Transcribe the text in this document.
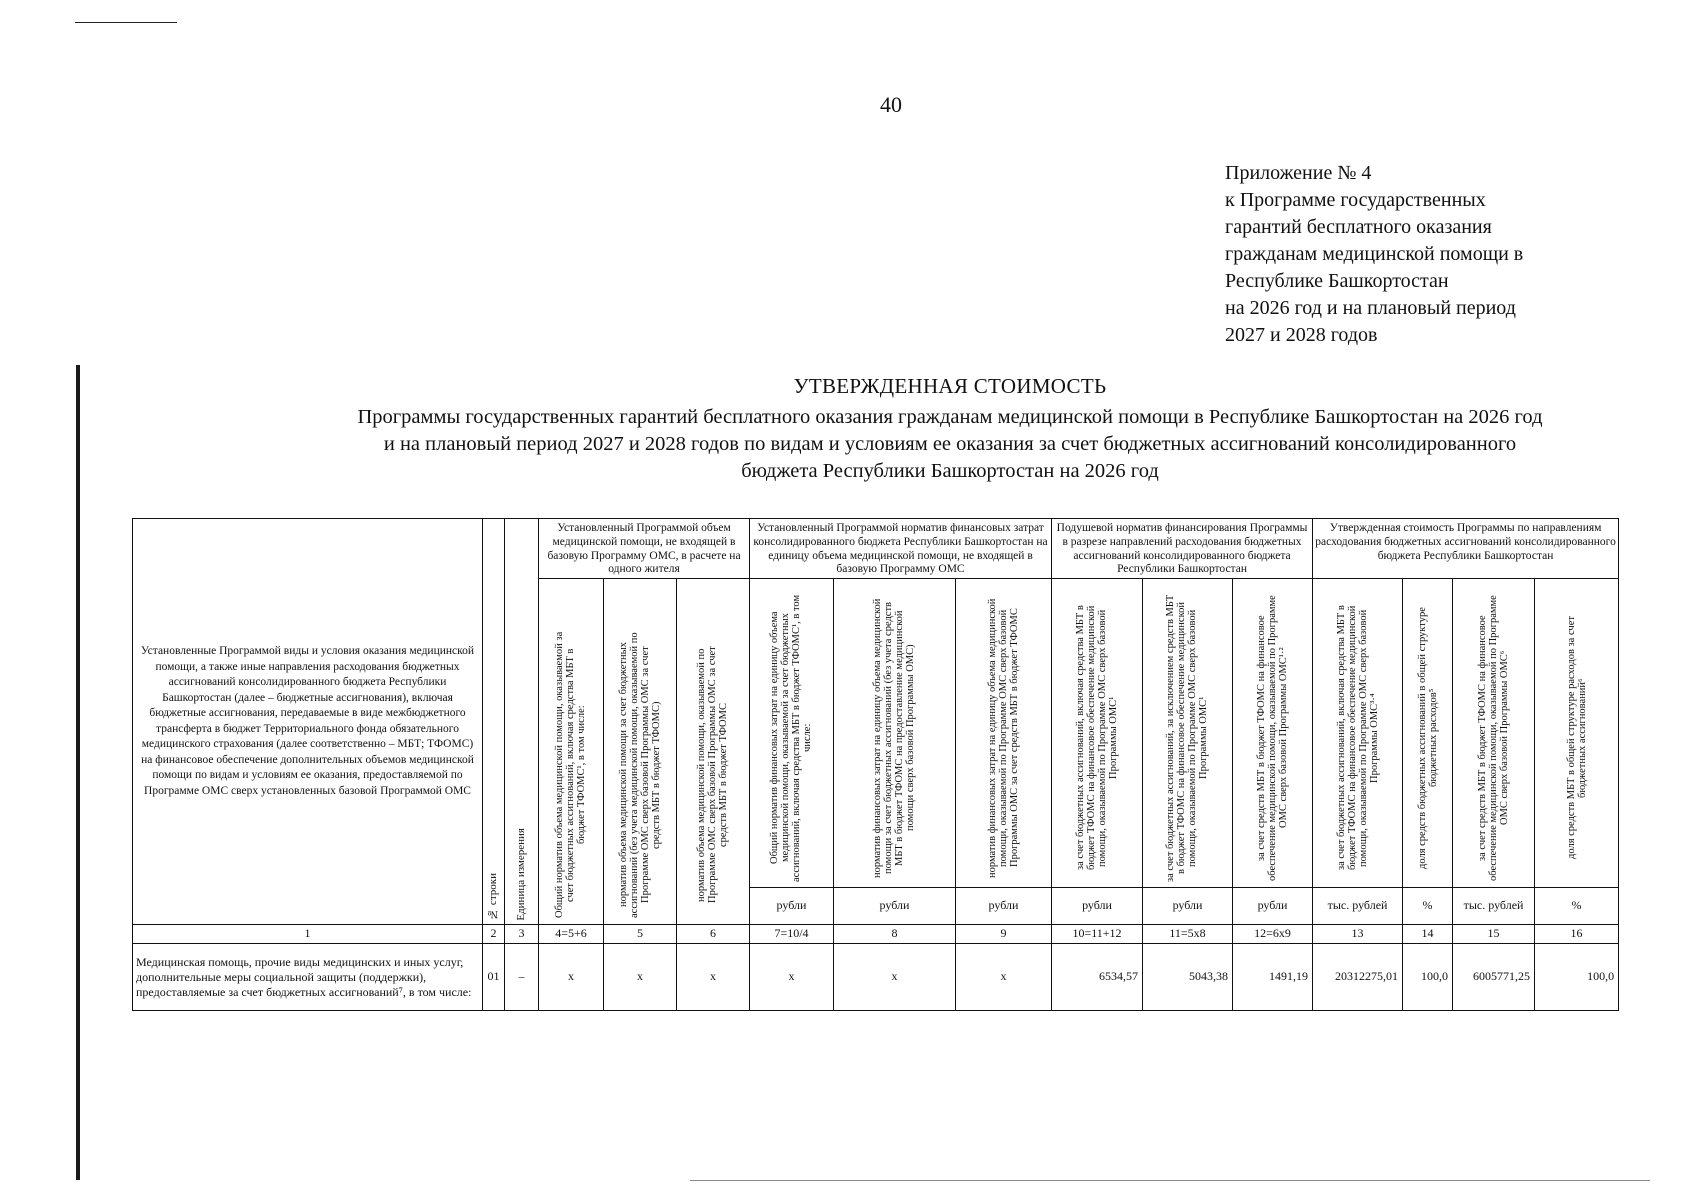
40
Приложение № 4
к Программе государственных
гарантий бесплатного оказания
гражданам медицинской помощи в
Республике Башкортостан
на 2026 год и на плановый период
2027 и 2028 годов
УТВЕРЖДЕННАЯ СТОИМОСТЬ
Программы государственных гарантий бесплатного оказания гражданам медицинской помощи в Республике Башкортостан на 2026 год
и на плановый период 2027 и 2028 годов по видам и условиям ее оказания за счет бюджетных ассигнований консолидированного
бюджета Республики Башкортостан на 2026 год
Установленные Программой виды и условия оказания медицинской помощи, а также иные направления расходования бюджетных ассигнований консолидированного бюджета Республики Башкортостан (далее – бюджетные ассигнования), включая бюджетные ассигнования, передаваемые в виде межбюджетного трансферта в бюджет Территориального фонда обязательного медицинского страхования (далее соответственно – МБТ; ТФОМС) на финансовое обеспечение дополнительных объемов медицинской помощи по видам и условиям ее оказания, предоставляемой по Программе ОМС сверх установленных базовой Программой ОМС	№ строки	Единица измерения	Установленный Программой объем медицинской помощи, не входящей в базовую Программу ОМС, в расчете на одного жителя			Установленный Программой норматив финансовых затрат консолидированного бюджета Республики Башкортостан на единицу объема медицинской помощи, не входящей в базовую Программу ОМС			Подушевой норматив финансирования Программы в разрезе направлений расходования бюджетных ассигнований консолидированного бюджета Республики Башкортостан			Утвержденная стоимость Программы по направлениям расходования бюджетных ассигнований консолидированного бюджета Республики Башкортостан			

			Общий норматив объема медицинской помощи, оказываемой за счет бюджетных ассигнований, включая средства МБТ в бюджет ТФОМС¹, в том числе:	норматив объема медицинской помощи за счет бюджетных ассигнований (без учета медицинской помощи, оказываемой по Программе ОМС сверх базовой Программы ОМС за счет средств МБТ в бюджет ТФОМС)	норматив объема медицинской помощи, оказываемой по Программе ОМС сверх базовой Программы ОМС за счет средств МБТ в бюджет ТФОМС	Общий норматив финансовых затрат на единицу объема медицинской помощи, оказываемой за счет бюджетных ассигнований, включая средства МБТ в бюджет ТФОМС¹, в том числе:	норматив финансовых затрат на единицу объема медицинской помощи за счет бюджетных ассигнований (без учета средств МБТ в бюджет ТФОМС на предоставление медицинской помощи сверх базовой Программы ОМС)	норматив финансовых затрат на единицу объема медицинской помощи, оказываемой по Программе ОМС сверх базовой Программы ОМС за счет средств МБТ в бюджет ТФОМС	за счет бюджетных ассигнований, включая средства МБТ в бюджет ТФОМС на финансовое обеспечение медицинской помощи, оказываемой по Программе ОМС сверх базовой Программы ОМС¹	за счет бюджетных ассигнований, за исключением средств МБТ в бюджет ТФОМС на финансовое обеспечение медицинской помощи, оказываемой по Программе ОМС сверх базовой Программы ОМС¹	за счет средств МБТ в бюджет ТФОМС на финансовое обеспечение медицинской помощи, оказываемой по Программе ОМС сверх базовой Программы ОМС¹·²	за счет бюджетных ассигнований, включая средства МБТ в бюджет ТФОМС на финансовое обеспечение медицинской помощи, оказываемой по Программе ОМС сверх базовой Программы ОМС³·⁴	доля средств бюджетных ассигнований в общей структуре бюджетных расходов⁵	за счет средств МБТ в бюджет ТФОМС на финансовое обеспечение медицинской помощи, оказываемой по Программе ОМС сверх базовой Программы ОМС⁶	доля средств МБТ в общей структуре расходов за счет бюджетных ассигнований⁶

						рубли	рубли	рубли	рубли	рубли	рубли	тыс. рублей	%	тыс. рублей	%
1	2	3	4=5+6	5	6	7=10/4	8	9	10=11+12	11=5x8	12=6x9	13	14	15	16
Медицинская помощь, прочие виды медицинских и иных услуг, дополнительные меры социальной защиты (поддержки), предоставляемые за счет бюджетных ассигнований⁷, в том числе:	01	–	x	x	x	x	x	x	6534,57	5043,38	1491,19	20312275,01	100,0	6005771,25	100,0
